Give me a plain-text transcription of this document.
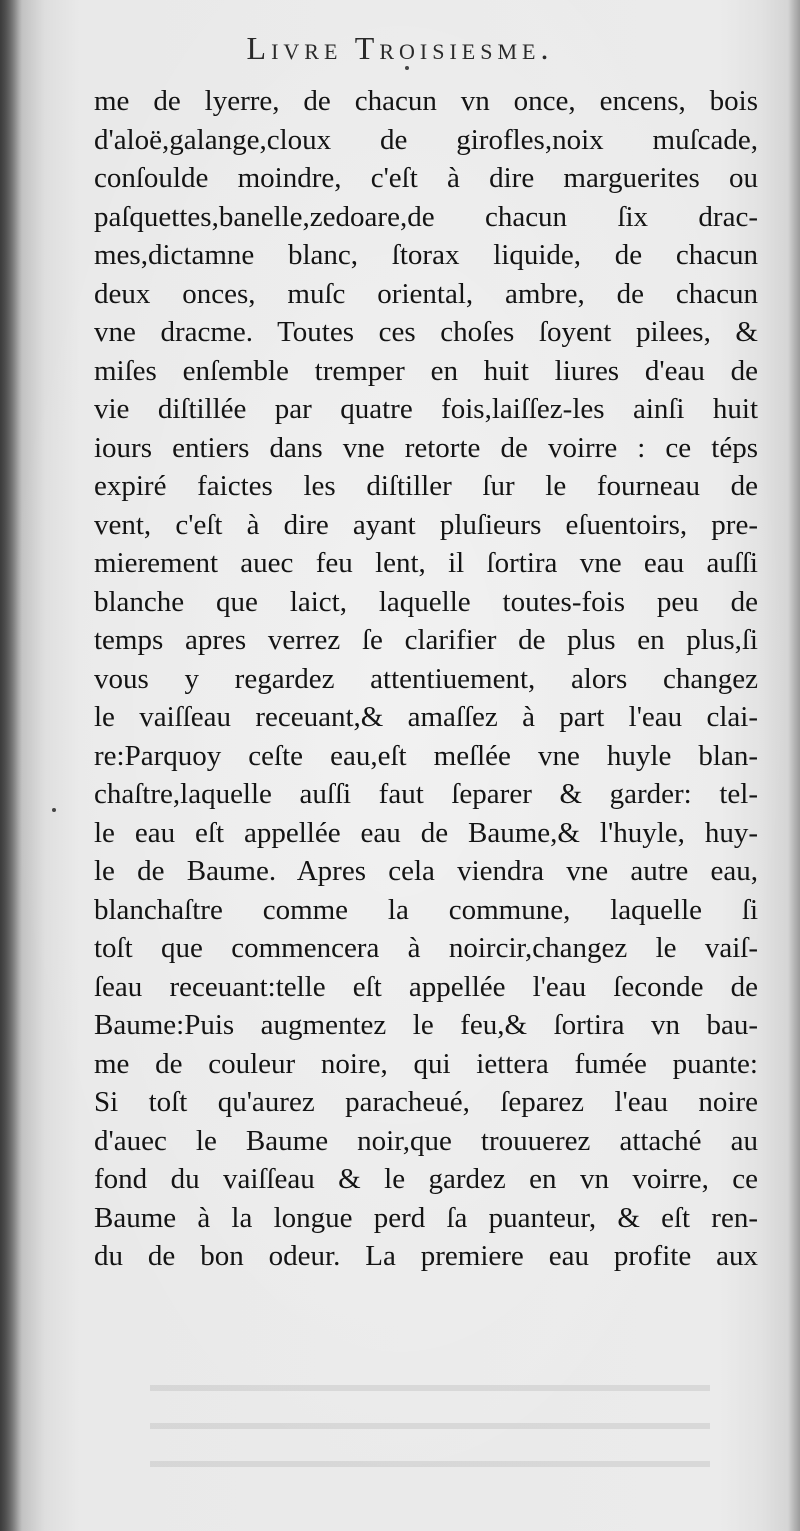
Livre Troisiesme.
me de lyerre, de chacun vn once, encens, bois
d'aloë,galange,cloux de girofles,noix muſcade,
conſoulde moindre, c'eſt à dire marguerites ou
paſquettes,banelle,zedoare,de chacun ſix drac-
mes,dictamne blanc, ſtorax liquide, de chacun
deux onces, muſc oriental, ambre, de chacun
vne dracme. Toutes ces choſes ſoyent pilees, &
miſes enſemble tremper en huit liures d'eau de
vie diſtillée par quatre fois,laiſſez-les ainſi huit
iours entiers dans vne retorte de voirre : ce téps
expiré faictes les diſtiller ſur le fourneau de
vent, c'eſt à dire ayant pluſieurs eſuentoirs, pre-
mierement auec feu lent, il ſortira vne eau auſſi
blanche que laict, laquelle toutes-fois peu de
temps apres verrez ſe clarifier de plus en plus,ſi
vous y regardez attentiuement, alors changez
le vaiſſeau receuant,& amaſſez à part l'eau clai-
re:Parquoy ceſte eau,eſt meſlée vne huyle blan-
chaſtre,laquelle auſſi faut ſeparer & garder: tel-
le eau eſt appellée eau de Baume,& l'huyle, huy-
le de Baume. Apres cela viendra vne autre eau,
blanchaſtre comme la commune, laquelle ſi
toſt que commencera à noircir,changez le vaiſ-
ſeau receuant:telle eſt appellée l'eau ſeconde de
Baume:Puis augmentez le feu,& ſortira vn bau-
me de couleur noire, qui iettera fumée puante:
Si toſt qu'aurez paracheué, ſeparez l'eau noire
d'auec le Baume noir,que trouuerez attaché au
fond du vaiſſeau & le gardez en vn voirre, ce
Baume à la longue perd ſa puanteur, & eſt ren-
du de bon odeur. La premiere eau profite aux
